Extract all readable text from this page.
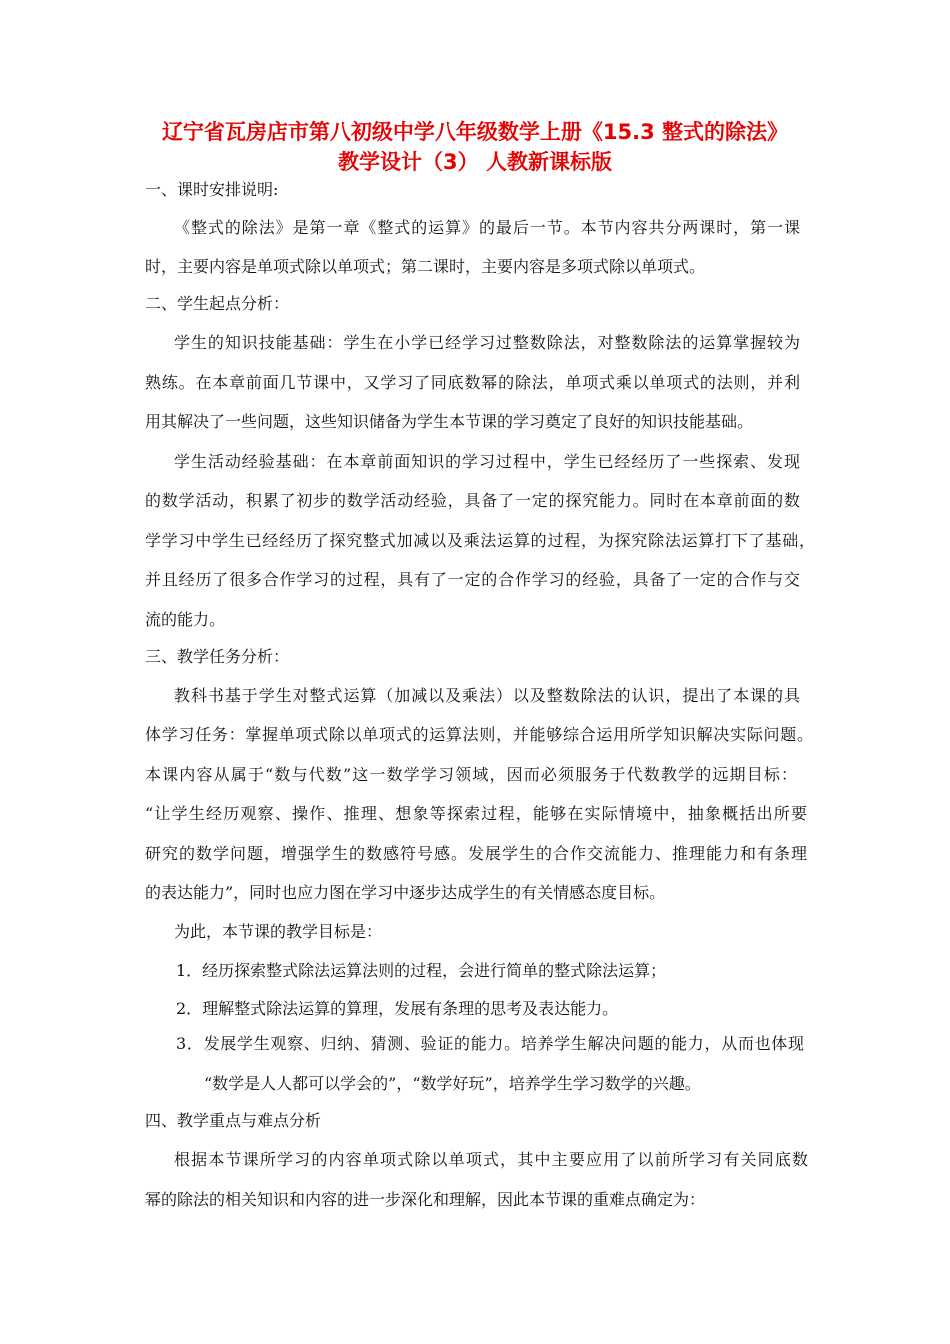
辽宁省瓦房店市第八初级中学八年级数学上册《15.3 整式的除法》
教学设计（3） 人教新课标版
一、课时安排说明:
《整式的除法》是第一章《整式的运算》的最后一节。本节内容共分两课时，第一课
时，主要内容是单项式除以单项式；第二课时，主要内容是多项式除以单项式。
二、学生起点分析：
学生的知识技能基础：学生在小学已经学习过整数除法，对整数除法的运算掌握较为
熟练。在本章前面几节课中，又学习了同底数幂的除法，单项式乘以单项式的法则，并利
用其解决了一些问题，这些知识储备为学生本节课的学习奠定了良好的知识技能基础。
学生活动经验基础：在本章前面知识的学习过程中，学生已经经历了一些探索、发现
的数学活动，积累了初步的数学活动经验，具备了一定的探究能力。同时在本章前面的数
学学习中学生已经经历了探究整式加减以及乘法运算的过程，为探究除法运算打下了基础，
并且经历了很多合作学习的过程，具有了一定的合作学习的经验，具备了一定的合作与交
流的能力。
三、教学任务分析：
教科书基于学生对整式运算（加减以及乘法）以及整数除法的认识，提出了本课的具
体学习任务：掌握单项式除以单项式的运算法则，并能够综合运用所学知识解决实际问题。
本课内容从属于“数与代数”这一数学学习领域，因而必须服务于代数教学的远期目标：
“让学生经历观察、操作、推理、想象等探索过程，能够在实际情境中，抽象概括出所要
研究的数学问题，增强学生的数感符号感。发展学生的合作交流能力、推理能力和有条理
的表达能力”，同时也应力图在学习中逐步达成学生的有关情感态度目标。
为此，本节课的教学目标是：
1．经历探索整式除法运算法则的过程，会进行简单的整式除法运算；
2．理解整式除法运算的算理，发展有条理的思考及表达能力。
3．发展学生观察、归纳、猜测、验证的能力。培养学生解决问题的能力，从而也体现
“数学是人人都可以学会的”，“数学好玩”，培养学生学习数学的兴趣。
四、教学重点与难点分析
根据本节课所学习的内容单项式除以单项式，其中主要应用了以前所学习有关同底数
幂的除法的相关知识和内容的进一步深化和理解，因此本节课的重难点确定为：
